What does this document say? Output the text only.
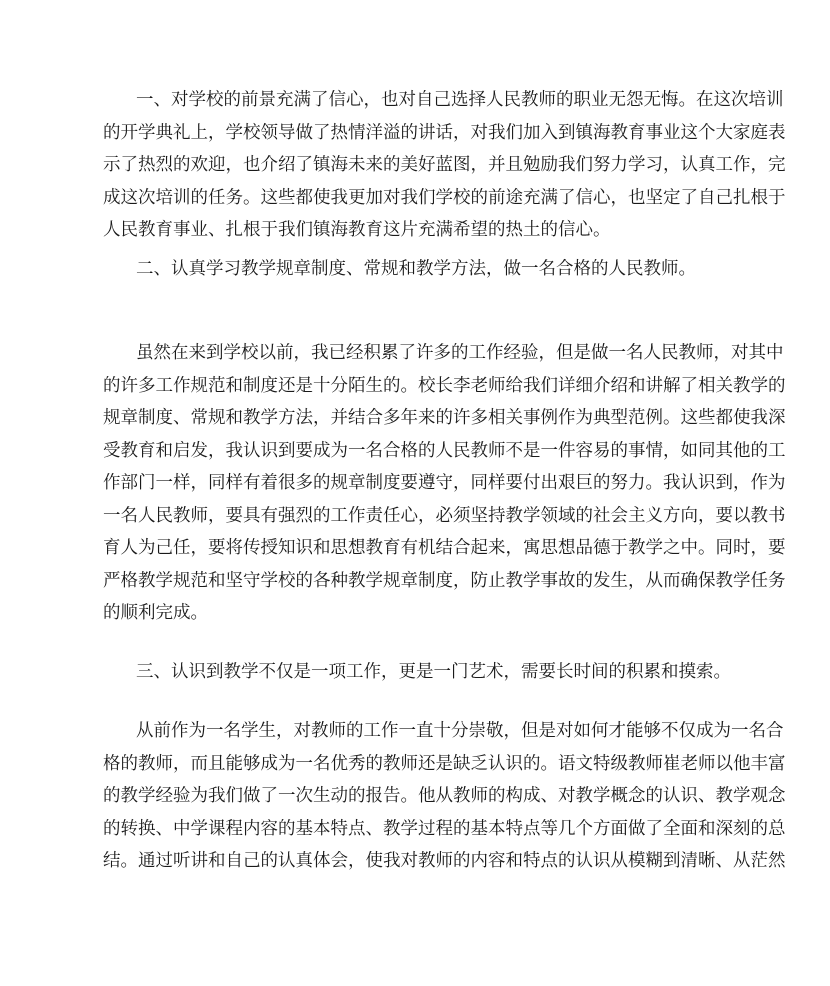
一、对学校的前景充满了信心，也对自己选择人民教师的职业无怨无悔。在这次培训
的开学典礼上，学校领导做了热情洋溢的讲话，对我们加入到镇海教育事业这个大家庭表
示了热烈的欢迎，也介绍了镇海未来的美好蓝图，并且勉励我们努力学习，认真工作，完
成这次培训的任务。这些都使我更加对我们学校的前途充满了信心，也坚定了自己扎根于
人民教育事业、扎根于我们镇海教育这片充满希望的热土的信心。
二、认真学习教学规章制度、常规和教学方法，做一名合格的人民教师。
虽然在来到学校以前，我已经积累了许多的工作经验，但是做一名人民教师，对其中
的许多工作规范和制度还是十分陌生的。校长李老师给我们详细介绍和讲解了相关教学的
规章制度、常规和教学方法，并结合多年来的许多相关事例作为典型范例。这些都使我深
受教育和启发，我认识到要成为一名合格的人民教师不是一件容易的事情，如同其他的工
作部门一样，同样有着很多的规章制度要遵守，同样要付出艰巨的努力。我认识到，作为
一名人民教师，要具有强烈的工作责任心，必须坚持教学领域的社会主义方向，要以教书
育人为己任，要将传授知识和思想教育有机结合起来，寓思想品德于教学之中。同时，要
严格教学规范和坚守学校的各种教学规章制度，防止教学事故的发生，从而确保教学任务
的顺利完成。
三、认识到教学不仅是一项工作，更是一门艺术，需要长时间的积累和摸索。
从前作为一名学生，对教师的工作一直十分崇敬，但是对如何才能够不仅成为一名合
格的教师，而且能够成为一名优秀的教师还是缺乏认识的。语文特级教师崔老师以他丰富
的教学经验为我们做了一次生动的报告。他从教师的构成、对教学概念的认识、教学观念
的转换、中学课程内容的基本特点、教学过程的基本特点等几个方面做了全面和深刻的总
结。通过听讲和自己的认真体会，使我对教师的内容和特点的认识从模糊到清晰、从茫然
